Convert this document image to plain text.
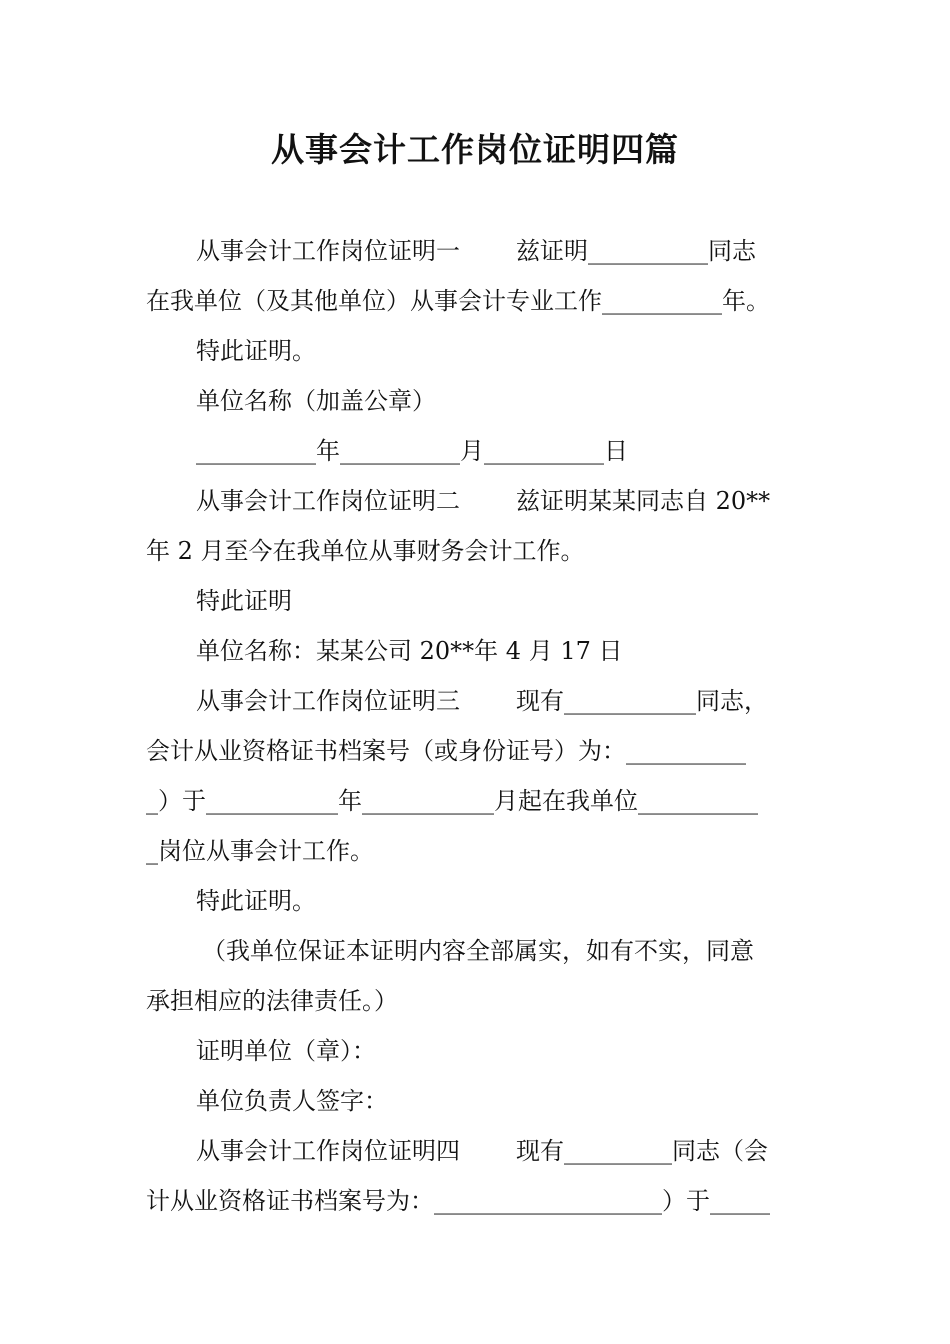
从事会计工作岗位证明四篇
从事会计工作岗位证明一 兹证明__________同志
在我单位（及其他单位）从事会计专业工作__________年。
特此证明。
单位名称（加盖公章）
__________年__________月__________日
从事会计工作岗位证明二 兹证明某某同志自 20**
年 2 月至今在我单位从事财务会计工作。
特此证明
单位名称：某某公司 20**年 4 月 17 日
从事会计工作岗位证明三 现有___________同志，
会计从业资格证书档案号（或身份证号）为：__________
_）于___________年___________月起在我单位__________
_岗位从事会计工作。
特此证明。
（我单位保证本证明内容全部属实，如有不实，同意
承担相应的法律责任。）
证明单位（章）：
单位负责人签字：
从事会计工作岗位证明四 现有_________同志（会
计从业资格证书档案号为：___________________）于_____
